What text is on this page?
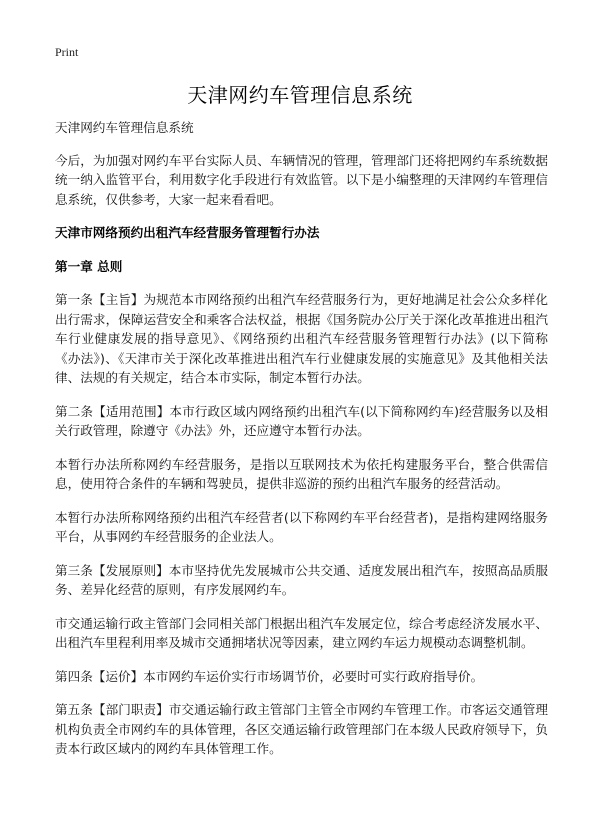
Print
天津网约车管理信息系统

天津网约车管理信息系统

今后，为加强对网约车平台实际人员、车辆情况的管理，管理部门还将把网约车系统数据统一纳入监管平台，利用数字化手段进行有效监管。以下是小编整理的天津网约车管理信息系统，仅供参考，大家一起来看看吧。

天津市网络预约出租汽车经营服务管理暂行办法

第一章 总则

第一条【主旨】为规范本市网络预约出租汽车经营服务行为，更好地满足社会公众多样化出行需求，保障运营安全和乘客合法权益，根据《国务院办公厅关于深化改革推进出租汽车行业健康发展的指导意见》、《网络预约出租汽车经营服务管理暂行办法》(以下简称《办法》)、《天津市关于深化改革推进出租汽车行业健康发展的实施意见》及其他相关法律、法规的有关规定，结合本市实际，制定本暂行办法。

第二条【适用范围】本市行政区域内网络预约出租汽车(以下简称网约车)经营服务以及相关行政管理，除遵守《办法》外，还应遵守本暂行办法。

本暂行办法所称网约车经营服务，是指以互联网技术为依托构建服务平台，整合供需信息，使用符合条件的车辆和驾驶员，提供非巡游的预约出租汽车服务的经营活动。

本暂行办法所称网络预约出租汽车经营者(以下称网约车平台经营者)，是指构建网络服务平台，从事网约车经营服务的企业法人。

第三条【发展原则】本市坚持优先发展城市公共交通、适度发展出租汽车，按照高品质服务、差异化经营的原则，有序发展网约车。

市交通运输行政主管部门会同相关部门根据出租汽车发展定位，综合考虑经济发展水平、出租汽车里程利用率及城市交通拥堵状况等因素，建立网约车运力规模动态调整机制。

第四条【运价】本市网约车运价实行市场调节价，必要时可实行政府指导价。

第五条【部门职责】市交通运输行政主管部门主管全市网约车管理工作。市客运交通管理机构负责全市网约车的具体管理，各区交通运输行政管理部门在本级人民政府领导下，负责本行政区域内的网约车具体管理工作。
